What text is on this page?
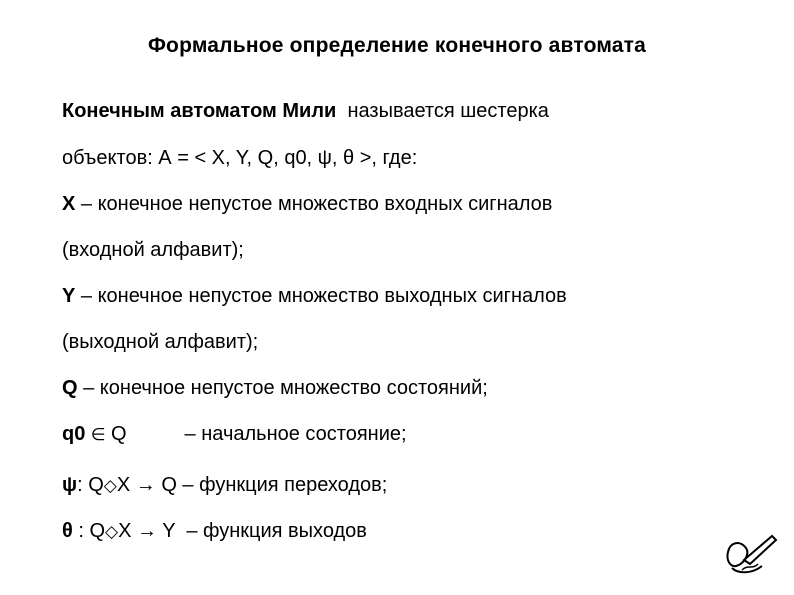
Формальное определение конечного автомата
Конечным автоматом Мили  называется шестерка
объектов: А = < X, Y, Q, q0, ψ, θ >, где:
X – конечное непустое множество входных сигналов
(входной алфавит);
Y – конечное непустое множество выходных сигналов
(выходной алфавит);
Q – конечное непустое множество состояний;
q0 ∈ Q	– начальное состояние;
ψ: Q◇X → Q – функция переходов;
θ : Q◇X → Y  – функция выходов
